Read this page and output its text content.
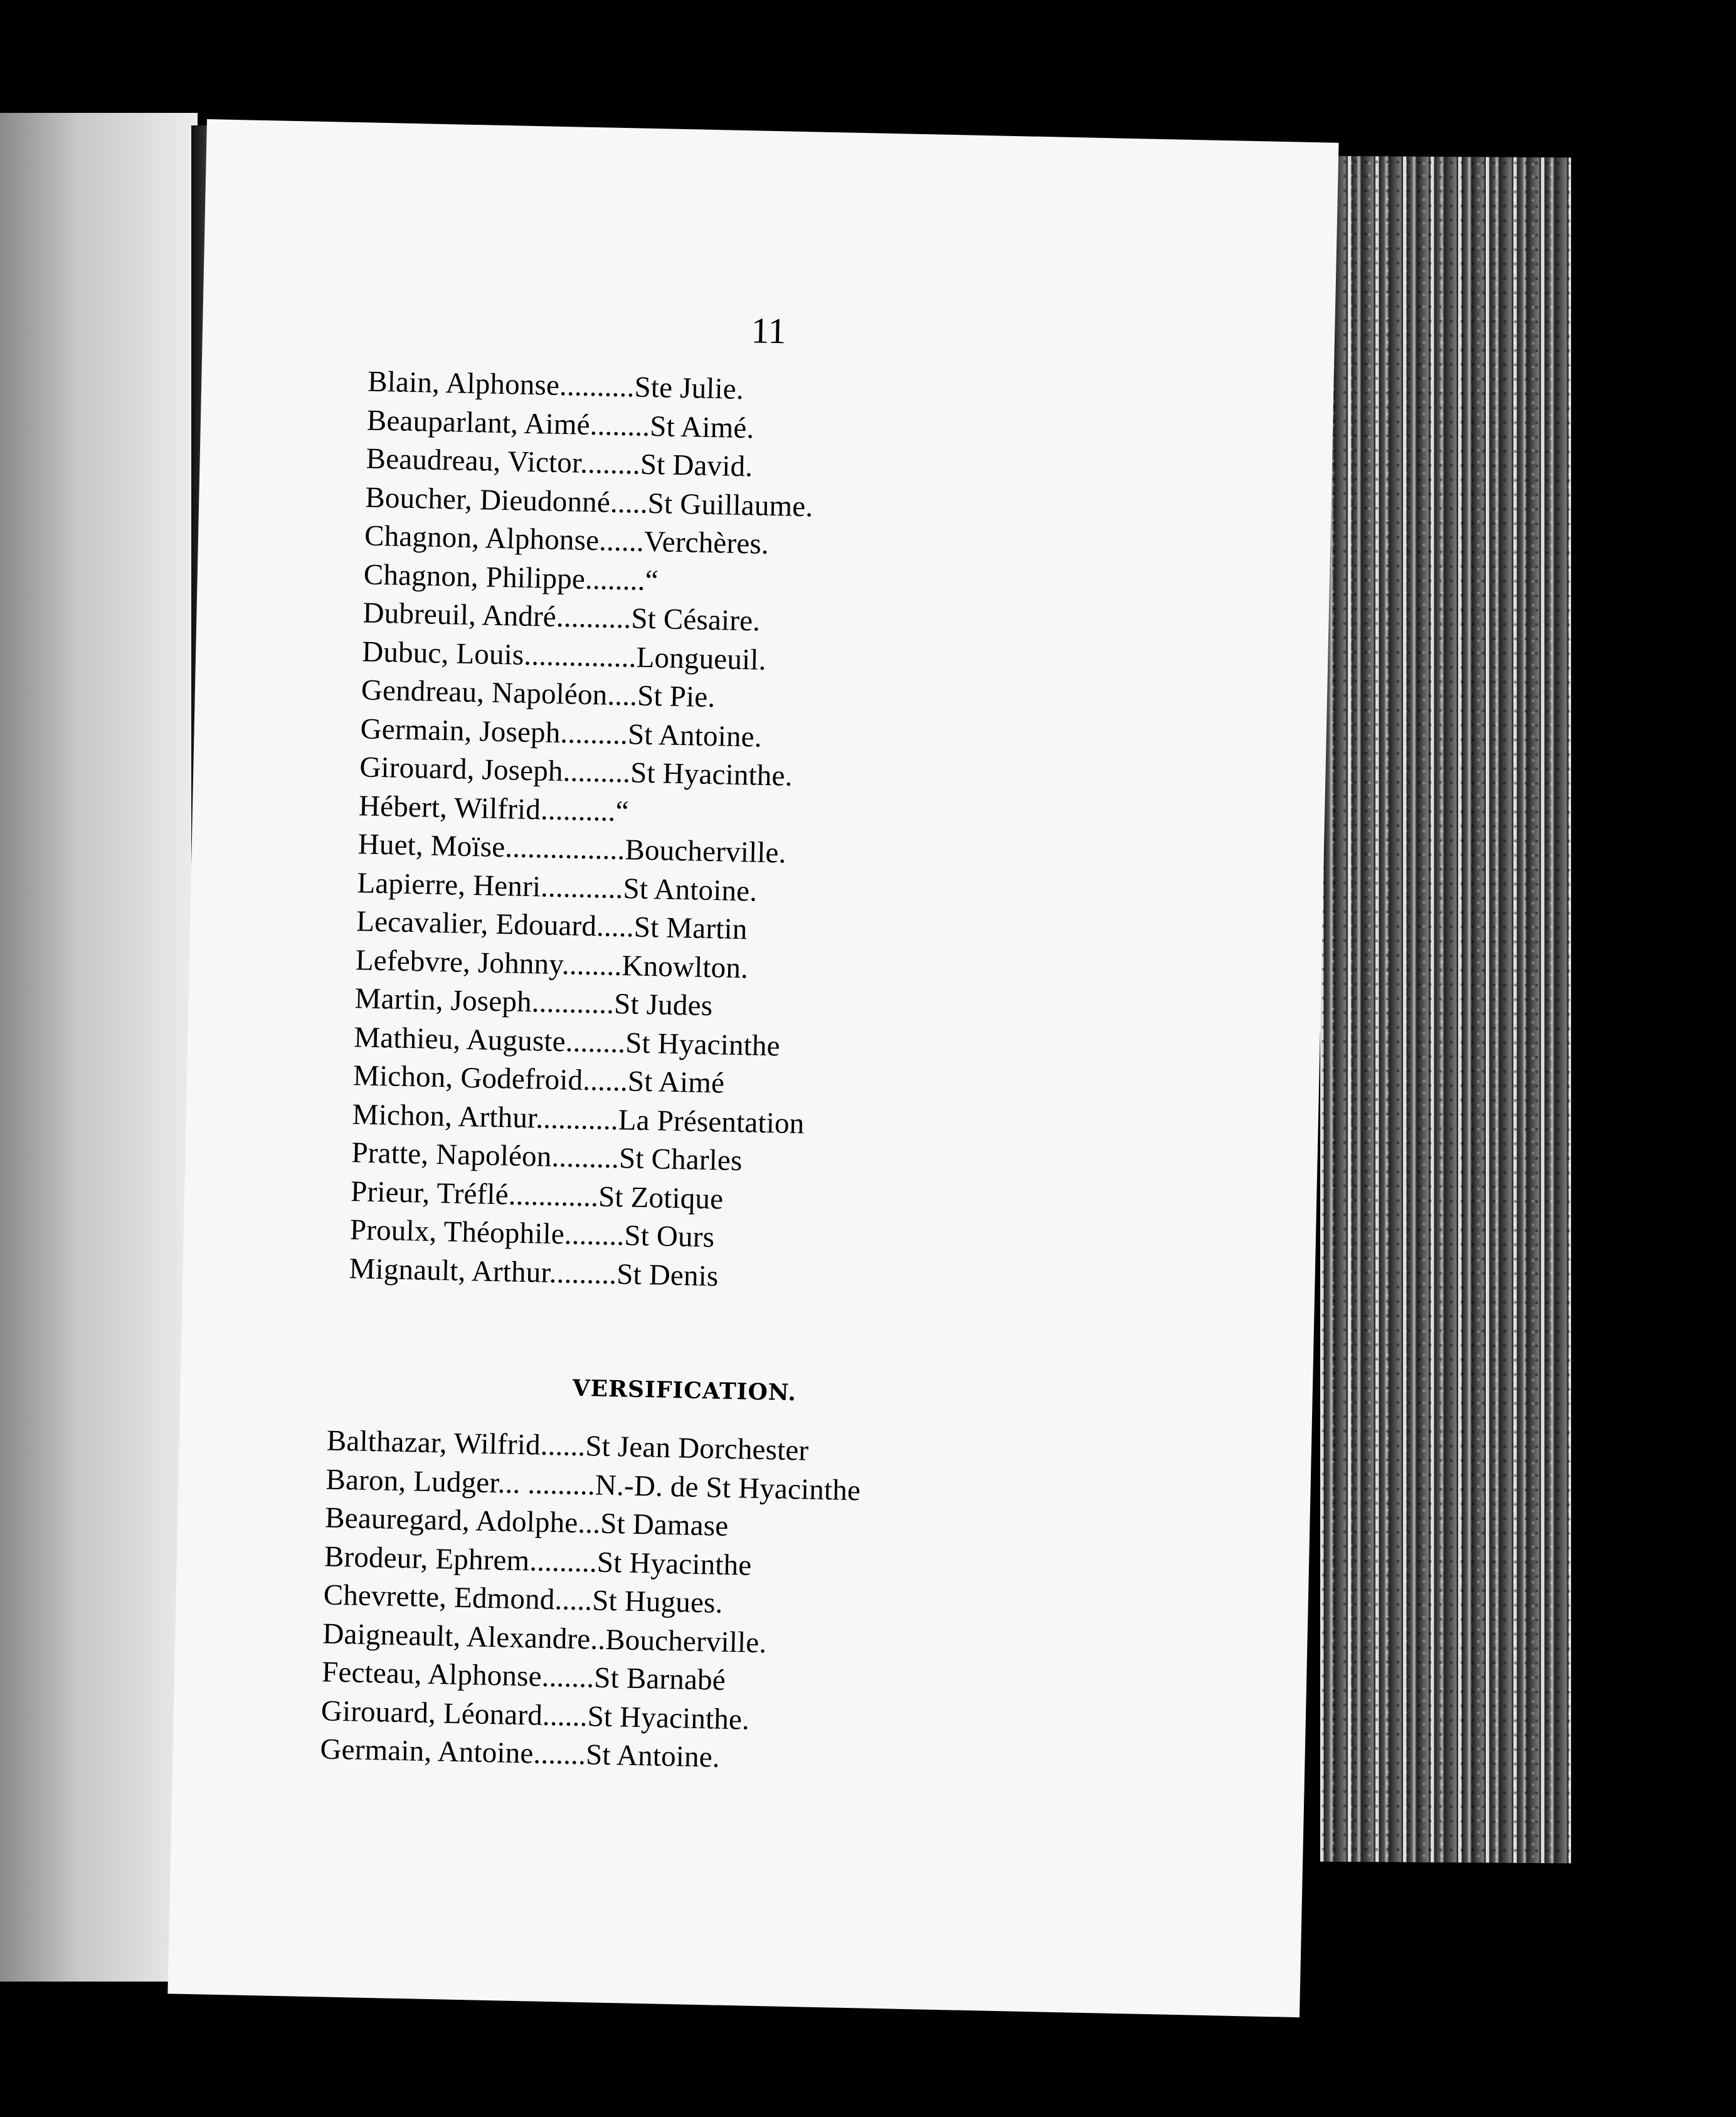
11
VERSIFICATION.
Blain, Alphonse..........Ste Julie.
Beauparlant, Aimé........St Aimé.
Beaudreau, Victor........St David.
Boucher, Dieudonné.....St Guillaume.
Chagnon, Alphonse......Verchères.
Chagnon, Philippe........“
Dubreuil, André..........St Césaire.
Dubuc, Louis...............Longueuil.
Gendreau, Napoléon....St Pie.
Germain, Joseph.........St Antoine.
Girouard, Joseph.........St Hyacinthe.
Hébert, Wilfrid..........“
Huet, Moïse................Boucherville.
Lapierre, Henri...........St Antoine.
Lecavalier, Edouard.....St Martin
Lefebvre, Johnny........Knowlton.
Martin, Joseph...........St Judes
Mathieu, Auguste........St Hyacinthe
Michon, Godefroid......St Aimé
Michon, Arthur...........La Présentation
Pratte, Napoléon.........St Charles
Prieur, Tréflé............St Zotique
Proulx, Théophile........St Ours
Mignault, Arthur.........St Denis
Balthazar, Wilfrid......St Jean Dorchester
Baron, Ludger... .........N.-D. de St Hyacinthe
Beauregard, Adolphe...St Damase
Brodeur, Ephrem.........St Hyacinthe
Chevrette, Edmond.....St Hugues.
Daigneault, Alexandre..Boucherville.
Fecteau, Alphonse.......St Barnabé
Girouard, Léonard......St Hyacinthe.
Germain, Antoine.......St Antoine.
